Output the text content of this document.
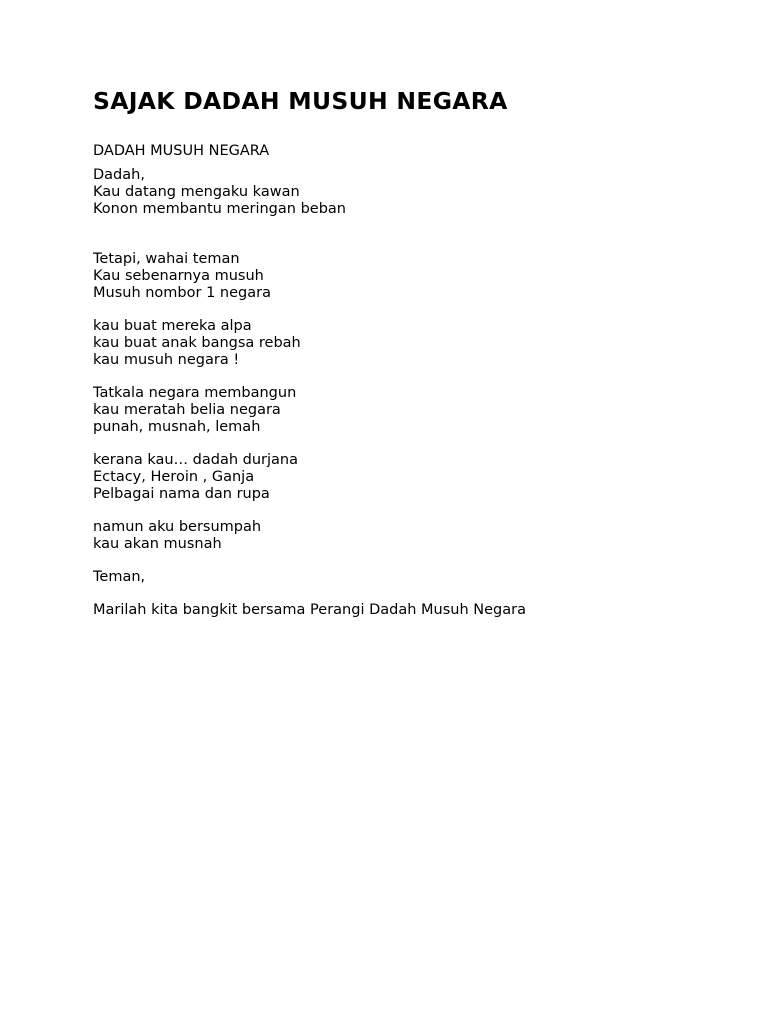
SAJAK DADAH MUSUH NEGARA
DADAH MUSUH NEGARA
Dadah,
Kau datang mengaku kawan
Konon membantu meringan beban
Tetapi, wahai teman
Kau sebenarnya musuh
Musuh nombor 1 negara
kau buat mereka alpa
kau buat anak bangsa rebah
kau musuh negara !
Tatkala negara membangun
kau meratah belia negara
punah, musnah, lemah
kerana kau… dadah durjana
Ectacy, Heroin , Ganja
Pelbagai nama dan rupa
namun aku bersumpah
kau akan musnah
Teman,
Marilah kita bangkit bersama Perangi Dadah Musuh Negara
